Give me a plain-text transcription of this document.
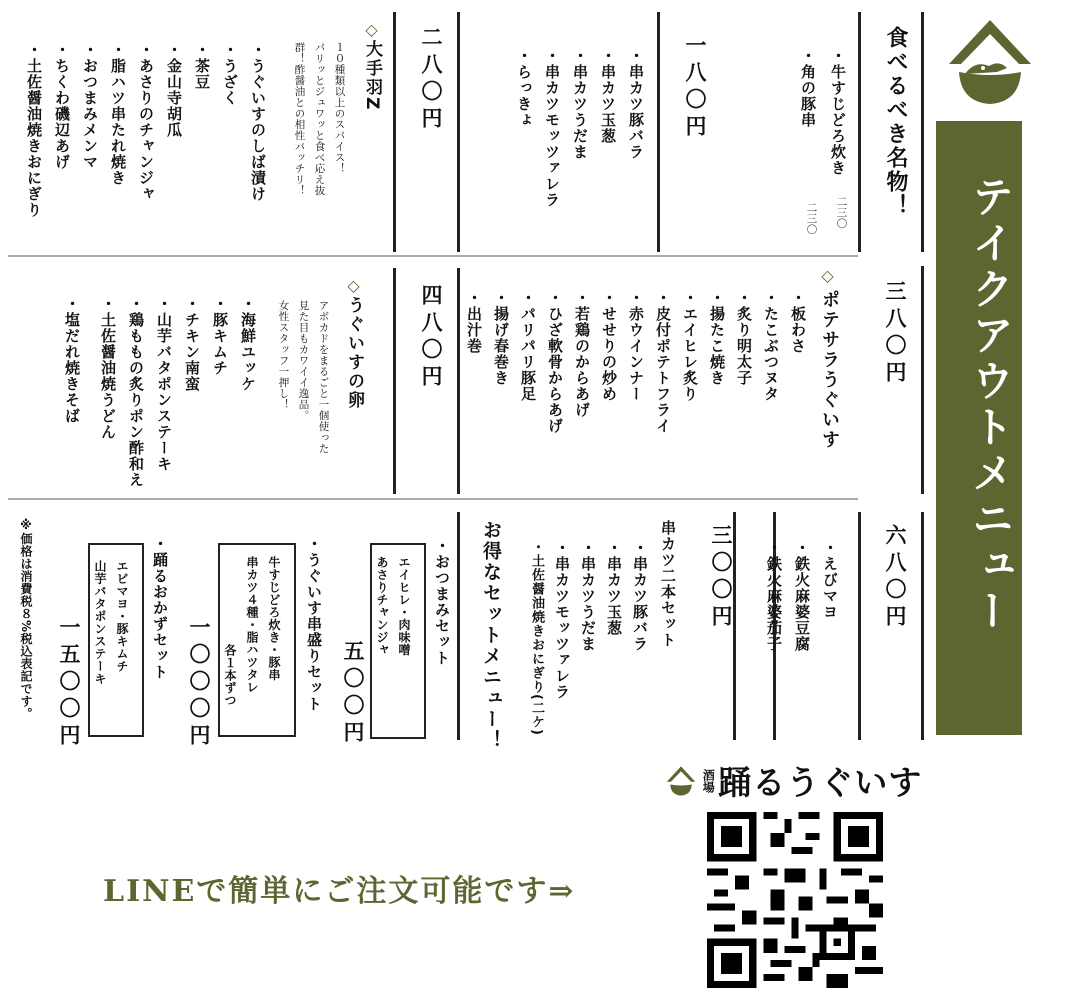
おうちうぐいす
テイクアウトメニュー
食べるべき名物！
・牛すじどろ炊き
・角の豚串
二三〇
二三〇
一八〇円
・串カツ豚バラ
・串カツ玉葱
・串カツうだま
・串カツモッツァレラ
・らっきょ
二八〇円
◇
大手羽Z
１０種類以上のスパイス！
パリッとジュワッと食べ応え抜
群！酢醤油との相性バッチリ！
・うぐいすのしば漬け
・うざく
・茶豆
・金山寺胡瓜
・あさりのチャンジャ
・脂ハツ串たれ焼き
・おつまみメンマ
・ちくわ磯辺あげ
・土佐醤油焼きおにぎり
三八〇円
◇
ポテサラうぐいす
・板わさ
・たこぶつヌタ
・炙り明太子
・揚たこ焼き
・エイヒレ炙り
・皮付ポテトフライ
・赤ウインナー
・せせりの炒め
・若鶏のからあげ
・ひざ軟骨からあげ
・パリパリ豚足
・揚げ春巻き
・出汁巻
四八〇円
◇
うぐいすの卵
アボカドをまるごと一個使った
見た目もカワイイ逸品。
女性スタッフ一押し！
・海鮮ユッケ
・豚キムチ
・チキン南蛮
・山芋バタポンステーキ
・鶏ももの炙りポン酢和え
・土佐醤油焼うどん
・塩だれ焼きそば
六八〇円
・えびマヨ
・鉄火麻婆豆腐
・鉄火麻婆茄子
三〇〇円
串カツ二本セット
・串カツ豚バラ
・串カツ玉葱
・串カツうだま
・串カツモッツァレラ
・土佐醤油焼きおにぎり(二ケ)
お得なセットメニュー！
・おつまみセット
エイヒレ・肉味噌
あさりチャンジャ
五〇〇円
・うぐいす串盛りセット
牛すじどろ炊き・豚串
串カツ４種・脂ハツタレ
各１本ずつ
一〇〇〇円
・踊るおかずセット
エビマヨ・豚キムチ
山芋バタポンステーキ
一五〇〇円
※価格は消費税８%税込表記です。
酒場 踊るうぐいす
LINEで簡単にご注文可能です⇒
